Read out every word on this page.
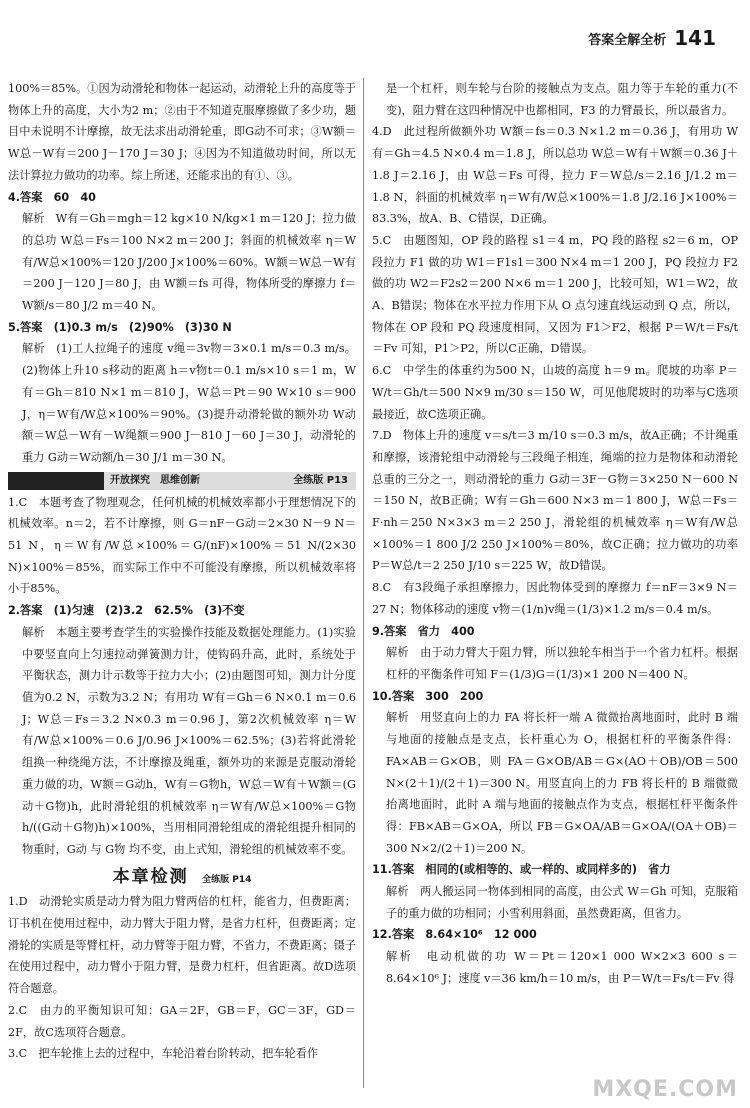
答案全解全析 141

100%＝85%。①因为动滑轮和物体一起运动，动滑轮上升的高度等于物体上升的高度，大小为2 m；②由于不知道克服摩擦做了多少功，题目中未说明不计摩擦，故无法求出动滑轮重，即G动不可求；③W额＝W总－W有＝200 J－170 J＝30 J；④因为不知道做功时间，所以无法计算拉力做功的功率。综上所述，还能求出的有①、③。

4.答案　60　40

解析　W有＝Gh＝mgh＝12 kg×10 N/kg×1 m＝120 J；拉力做的总功 W总＝Fs＝100 N×2 m＝200 J；斜面的机械效率 η＝W有/W总×100%＝120 J/200 J×100%＝60%。W额＝W总－W有＝200 J－120 J＝80 J，由 W额＝fs 可得，物体所受的摩擦力 f＝W额/s＝80 J/2 m＝40 N。

5.答案　(1)0.3 m/s　(2)90%　(3)30 N

解析　(1)工人拉绳子的速度 v绳＝3v物＝3×0.1 m/s＝0.3 m/s。(2)物体上升10 s移动的距离 h＝v物t＝0.1 m/s×10 s＝1 m，W有＝Gh＝810 N×1 m＝810 J，W总＝Pt＝90 W×10 s＝900 J，η＝W有/W总×100%＝90%。(3)提升动滑轮做的额外功 W动额＝W总－W有－W绳额＝900 J－810 J－60 J＝30 J，动滑轮的重力 G动＝W动额/h＝30 J/1 m＝30 N。

开放探究　思维创新	全练版 P13

1.C　本题考查了物理观念，任何机械的机械效率都小于理想情况下的机械效率。n＝2，若不计摩擦，则 G＝nF－G动＝2×30 N－9 N＝51 N，η＝W有/W总×100%＝G/(nF)×100%＝51 N/(2×30 N)×100%＝85%，而实际工作中不可能没有摩擦，所以机械效率将小于85%。

2.答案　(1)匀速　(2)3.2　62.5%　(3)不变

解析　本题主要考查学生的实验操作技能及数据处理能力。(1)实验中要竖直向上匀速拉动弹簧测力计，使钩码升高，此时，系统处于平衡状态，测力计示数等于拉力大小；(2)由题图可知，测力计分度值为0.2 N，示数为3.2 N；有用功 W有＝Gh＝6 N×0.1 m＝0.6 J；W总＝Fs＝3.2 N×0.3 m＝0.96 J，第2次机械效率 η＝W有/W总×100%＝0.6 J/0.96 J×100%＝62.5%；(3)若将此滑轮组换一种绕绳方法，不计摩擦及绳重，额外功的来源是克服动滑轮重力做的功，W额＝G动h，W有＝G物h，W总＝W有＋W额＝(G动＋G物)h，此时滑轮组的机械效率 η＝W有/W总×100%＝G物h/((G动＋G物)h)×100%，当用相同滑轮组成的滑轮组提升相同的物重时，G动 与 G物 均不变，由上式知，滑轮组的机械效率不变。

本章检测 全练版 P14

1.D　动滑轮实质是动力臂为阻力臂两倍的杠杆，能省力，但费距离；订书机在使用过程中，动力臂大于阻力臂，是省力杠杆，但费距离；定滑轮的实质是等臂杠杆，动力臂等于阻力臂，不省力，不费距离；镊子在使用过程中，动力臂小于阻力臂，是费力杠杆，但省距离。故D选项符合题意。

2.C　由力的平衡知识可知：GA＝2F，GB＝F，GC＝3F，GD＝2F，故C选项符合题意。

3.C　把车轮推上去的过程中，车轮沿着台阶转动，把车轮看作

是一个杠杆，则车轮与台阶的接触点为支点。阻力等于车轮的重力(不变)，阻力臂在这四种情况中也都相同，F3 的力臂最长，所以最省力。

4.D　此过程所做额外功 W额＝fs＝0.3 N×1.2 m＝0.36 J，有用功 W有＝Gh＝4.5 N×0.4 m＝1.8 J，所以总功 W总＝W有＋W额＝0.36 J＋1.8 J＝2.16 J，由 W总＝Fs 可得，拉力 F＝W总/s＝2.16 J/1.2 m＝1.8 N，斜面的机械效率 η＝W有/W总×100%＝1.8 J/2.16 J×100%＝83.3%，故A、B、C错误，D正确。

5.C　由题图知，OP 段的路程 s1＝4 m，PQ 段的路程 s2＝6 m，OP 段拉力 F1 做的功 W1＝F1s1＝300 N×4 m＝1 200 J，PQ 段拉力 F2 做的功 W2＝F2s2＝200 N×6 m＝1 200 J，比较可知，W1＝W2，故A、B错误；物体在水平拉力作用下从 O 点匀速直线运动到 Q 点，所以，物体在 OP 段和 PQ 段速度相同，又因为 F1＞F2，根据 P＝W/t＝Fs/t＝Fv 可知，P1＞P2，所以C正确，D错误。

6.C　中学生的体重约为500 N，山坡的高度 h＝9 m。爬坡的功率 P＝W/t＝Gh/t＝500 N×9 m/30 s＝150 W，可见他爬坡时的功率与C选项最接近，故C选项正确。

7.D　物体上升的速度 v＝s/t＝3 m/10 s＝0.3 m/s，故A正确；不计绳重和摩擦，该滑轮组中动滑轮与三段绳子相连，绳端的拉力是物体和动滑轮总重的三分之一，则动滑轮的重力 G动＝3F－G物＝3×250 N－600 N＝150 N，故B正确；W有＝Gh＝600 N×3 m＝1 800 J，W总＝Fs＝F·nh＝250 N×3×3 m＝2 250 J，滑轮组的机械效率 η＝W有/W总×100%＝1 800 J/2 250 J×100%＝80%，故C正确；拉力做功的功率 P＝W总/t＝2 250 J/10 s＝225 W，故D错误。

8.C　有3段绳子承担摩擦力，因此物体受到的摩擦力 f＝nF＝3×9 N＝27 N；物体移动的速度 v物＝(1/n)v绳＝(1/3)×1.2 m/s＝0.4 m/s。

9.答案　省力　400

解析　由于动力臂大于阻力臂，所以独轮车相当于一个省力杠杆。根据杠杆的平衡条件可知 F＝(1/3)G＝(1/3)×1 200 N＝400 N。

10.答案　300　200

解析　用竖直向上的力 FA 将长杆一端 A 微微抬离地面时，此时 B 端与地面的接触点是支点，长杆重心为 O，根据杠杆的平衡条件得：FA×AB＝G×OB，则 FA＝G×OB/AB＝G×(AO＋OB)/OB＝500 N×(2＋1)/(2＋1)＝300 N。用竖直向上的力 FB 将长杆的 B 端微微抬离地面时，此时 A 端与地面的接触点作为支点，根据杠杆平衡条件得：FB×AB＝G×OA，所以 FB＝G×OA/AB＝G×OA/(OA＋OB)＝300 N×2/(2＋1)＝200 N。

11.答案　相同的(或相等的、或一样的、或同样多的)　省力

解析　两人搬运同一物体到相同的高度，由公式 W＝Gh 可知，克服箱子的重力做的功相同；小雪利用斜面，虽然费距离，但省力。

12.答案　8.64×10⁶　12 000

解析　电动机做的功 W＝Pt＝120×1 000 W×2×3 600 s＝8.64×10⁶ J；速度 v＝36 km/h＝10 m/s，由 P＝W/t＝Fs/t＝Fv 得

MXQE.COM
